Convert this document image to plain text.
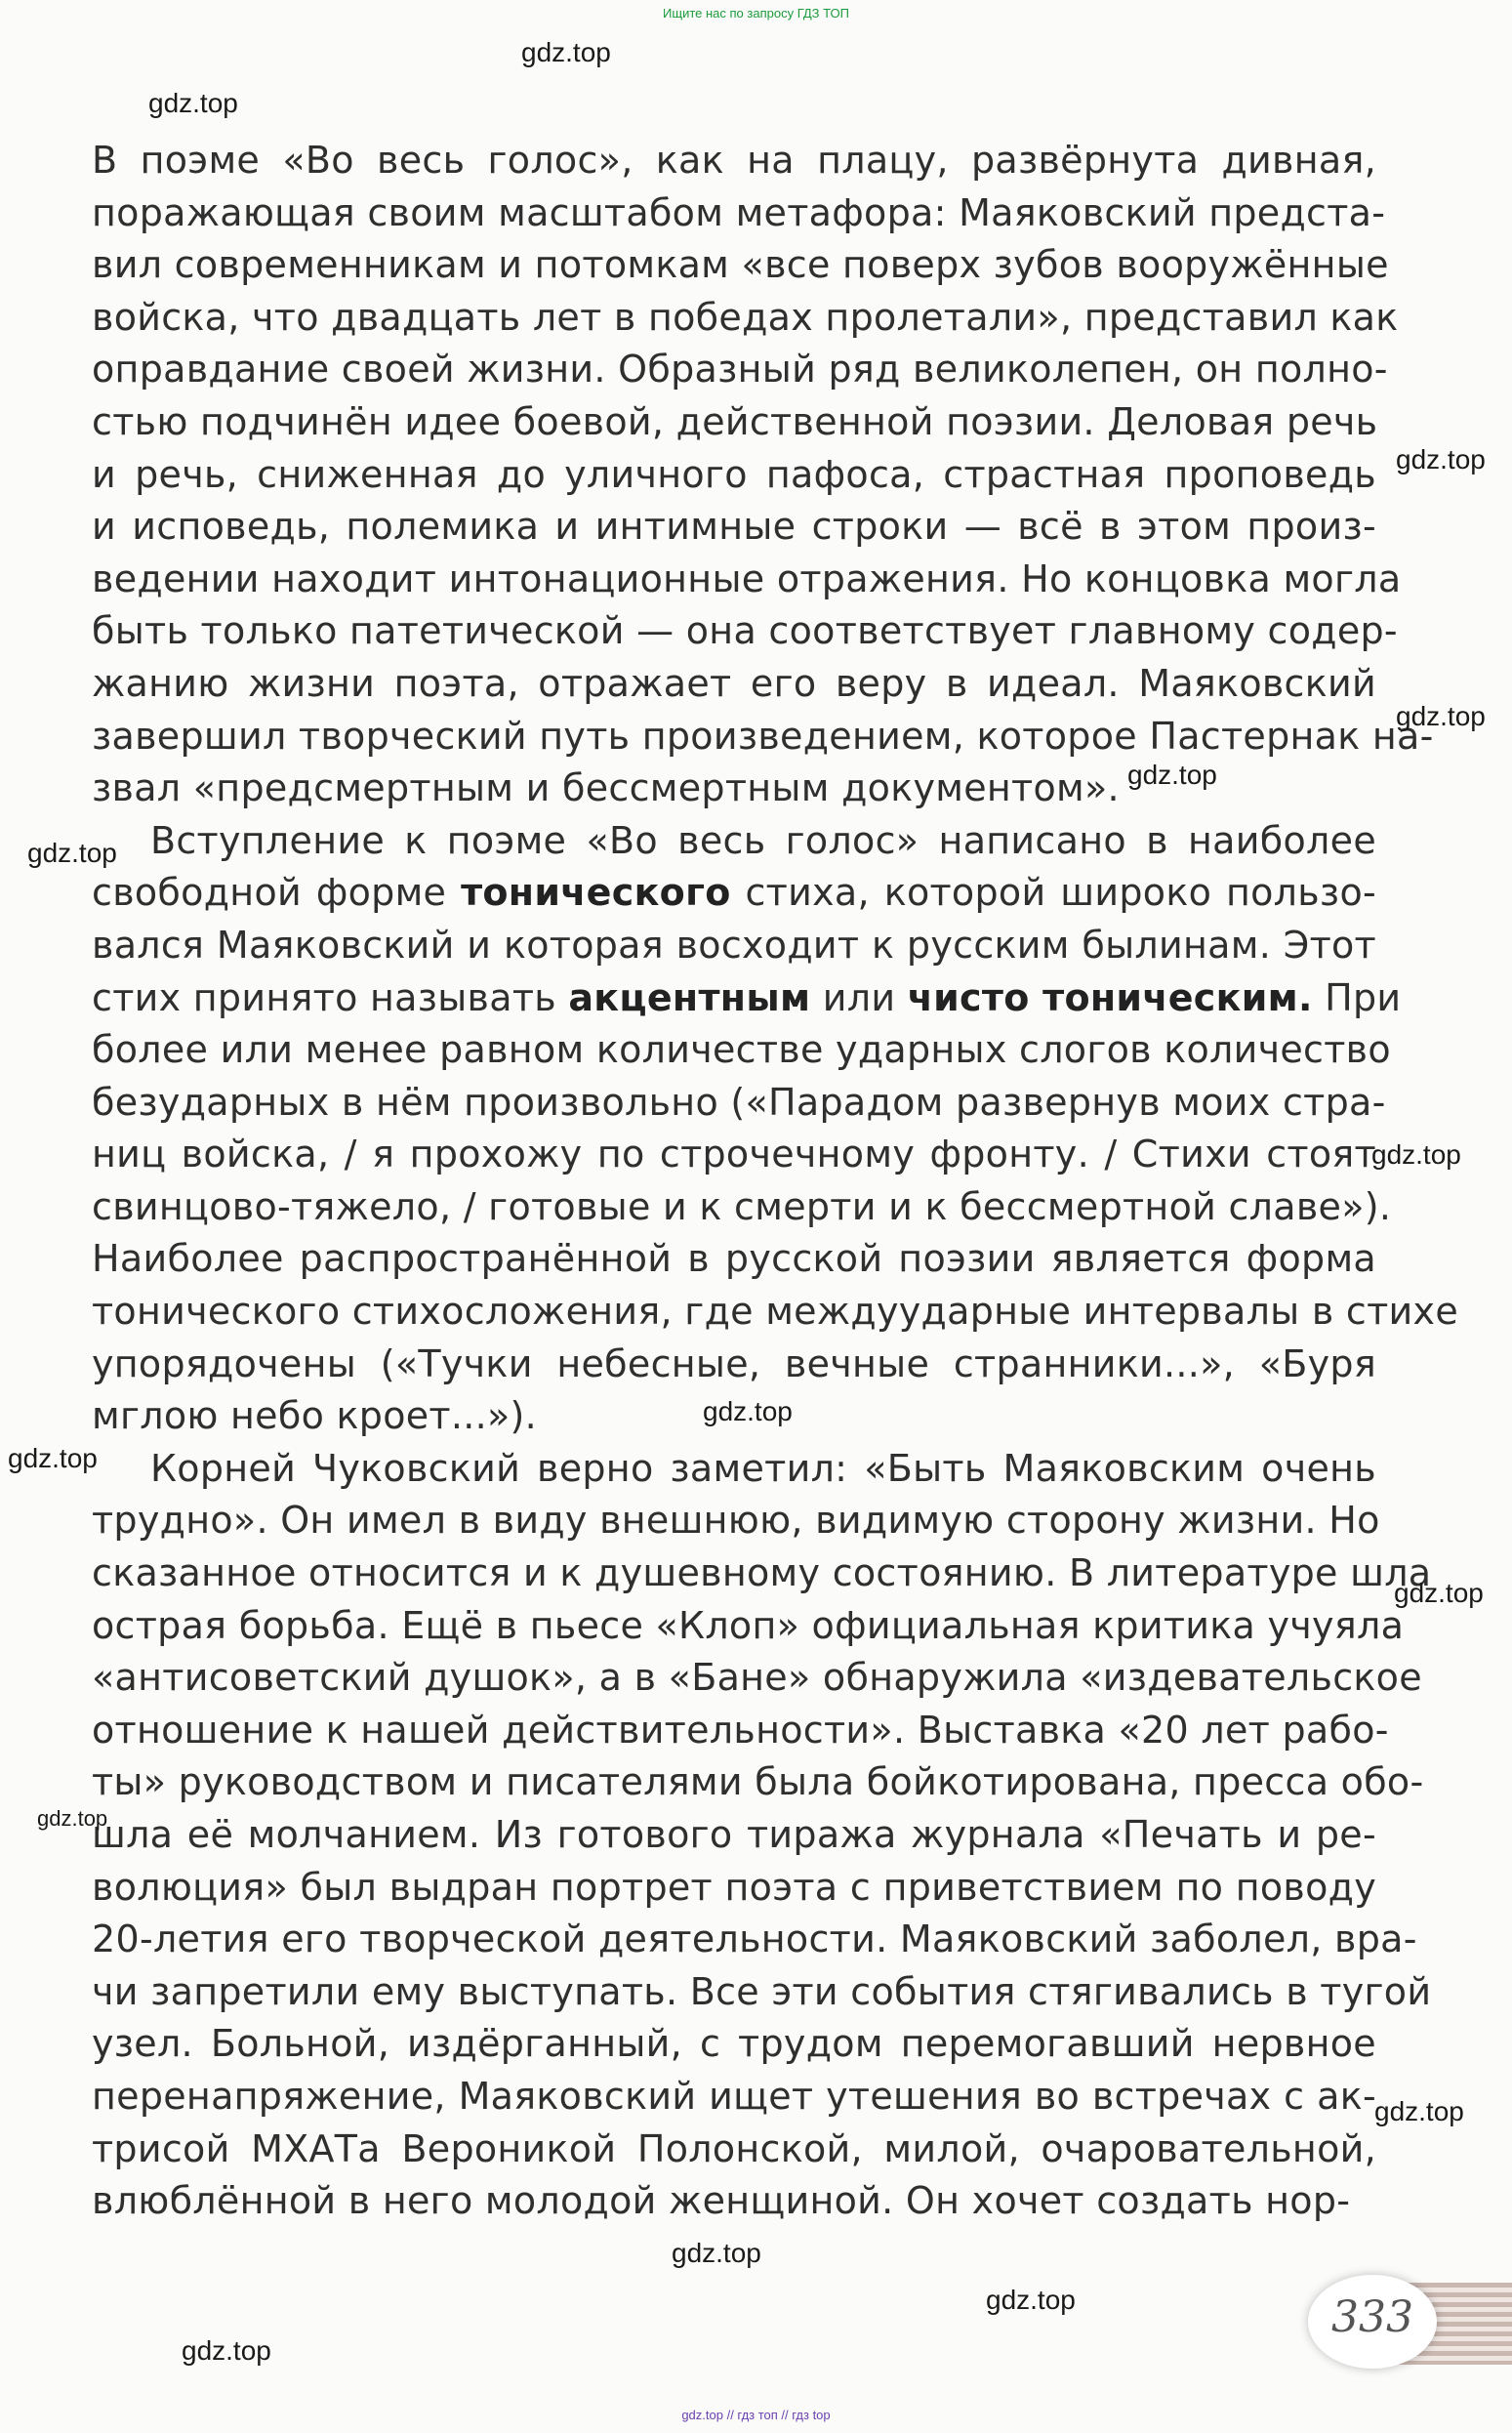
Ищите нас по запросу ГДЗ ТОП
В поэме «Во весь голос», как на плацу, развёрнута дивная,
поражающая своим масштабом метафора: Маяковский предста-
вил современникам и потомкам «все поверх зубов вооружённые
войска, что двадцать лет в победах пролетали», представил как
оправдание своей жизни. Образный ряд великолепен, он полно-
стью подчинён идее боевой, действенной поэзии. Деловая речь
и речь, сниженная до уличного пафоса, страстная проповедь
и исповедь, полемика и интимные строки — всё в этом произ-
ведении находит интонационные отражения. Но концовка могла
быть только патетической — она соответствует главному содер-
жанию жизни поэта, отражает его веру в идеал. Маяковский
завершил творческий путь произведением, которое Пастернак на-
звал «предсмертным и бессмертным документом».
Вступление к поэме «Во весь голос» написано в наиболее
свободной форме тонического стиха, которой широко пользо-
вался Маяковский и которая восходит к русским былинам. Этот
стих принято называть акцентным или чисто тоническим. При
более или менее равном количестве ударных слогов количество
безударных в нём произвольно («Парадом развернув моих стра-
ниц войска, / я прохожу по строчечному фронту. / Стихи стоят
свинцово-тяжело, / готовые и к смерти и к бессмертной славе»).
Наиболее распространённой в русской поэзии является форма
тонического стихосложения, где междуударные интервалы в стихе
упорядочены («Тучки небесные, вечные странники...», «Буря
мглою небо кроет...»).
Корней Чуковский верно заметил: «Быть Маяковским очень
трудно». Он имел в виду внешнюю, видимую сторону жизни. Но
сказанное относится и к душевному состоянию. В литературе шла
острая борьба. Ещё в пьесе «Клоп» официальная критика учуяла
«антисоветский душок», а в «Бане» обнаружила «издевательское
отношение к нашей действительности». Выставка «20 лет рабо-
ты» руководством и писателями была бойкотирована, пресса обо-
шла её молчанием. Из готового тиража журнала «Печать и ре-
волюция» был выдран портрет поэта с приветствием по поводу
20-летия его творческой деятельности. Маяковский заболел, вра-
чи запретили ему выступать. Все эти события стягивались в тугой
узел. Больной, издёрганный, с трудом перемогавший нервное
перенапряжение, Маяковский ищет утешения во встречах с ак-
трисой МХАТа Вероникой Полонской, милой, очаровательной,
влюблённой в него молодой женщиной. Он хочет создать нор-
gdz.top
gdz.top
gdz.top
gdz.top
gdz.top
gdz.top
gdz.top
gdz.top
gdz.top
gdz.top
gdz.top
gdz.top
gdz.top
gdz.top
gdz.top
333
gdz.top // гдз топ // гдз top
